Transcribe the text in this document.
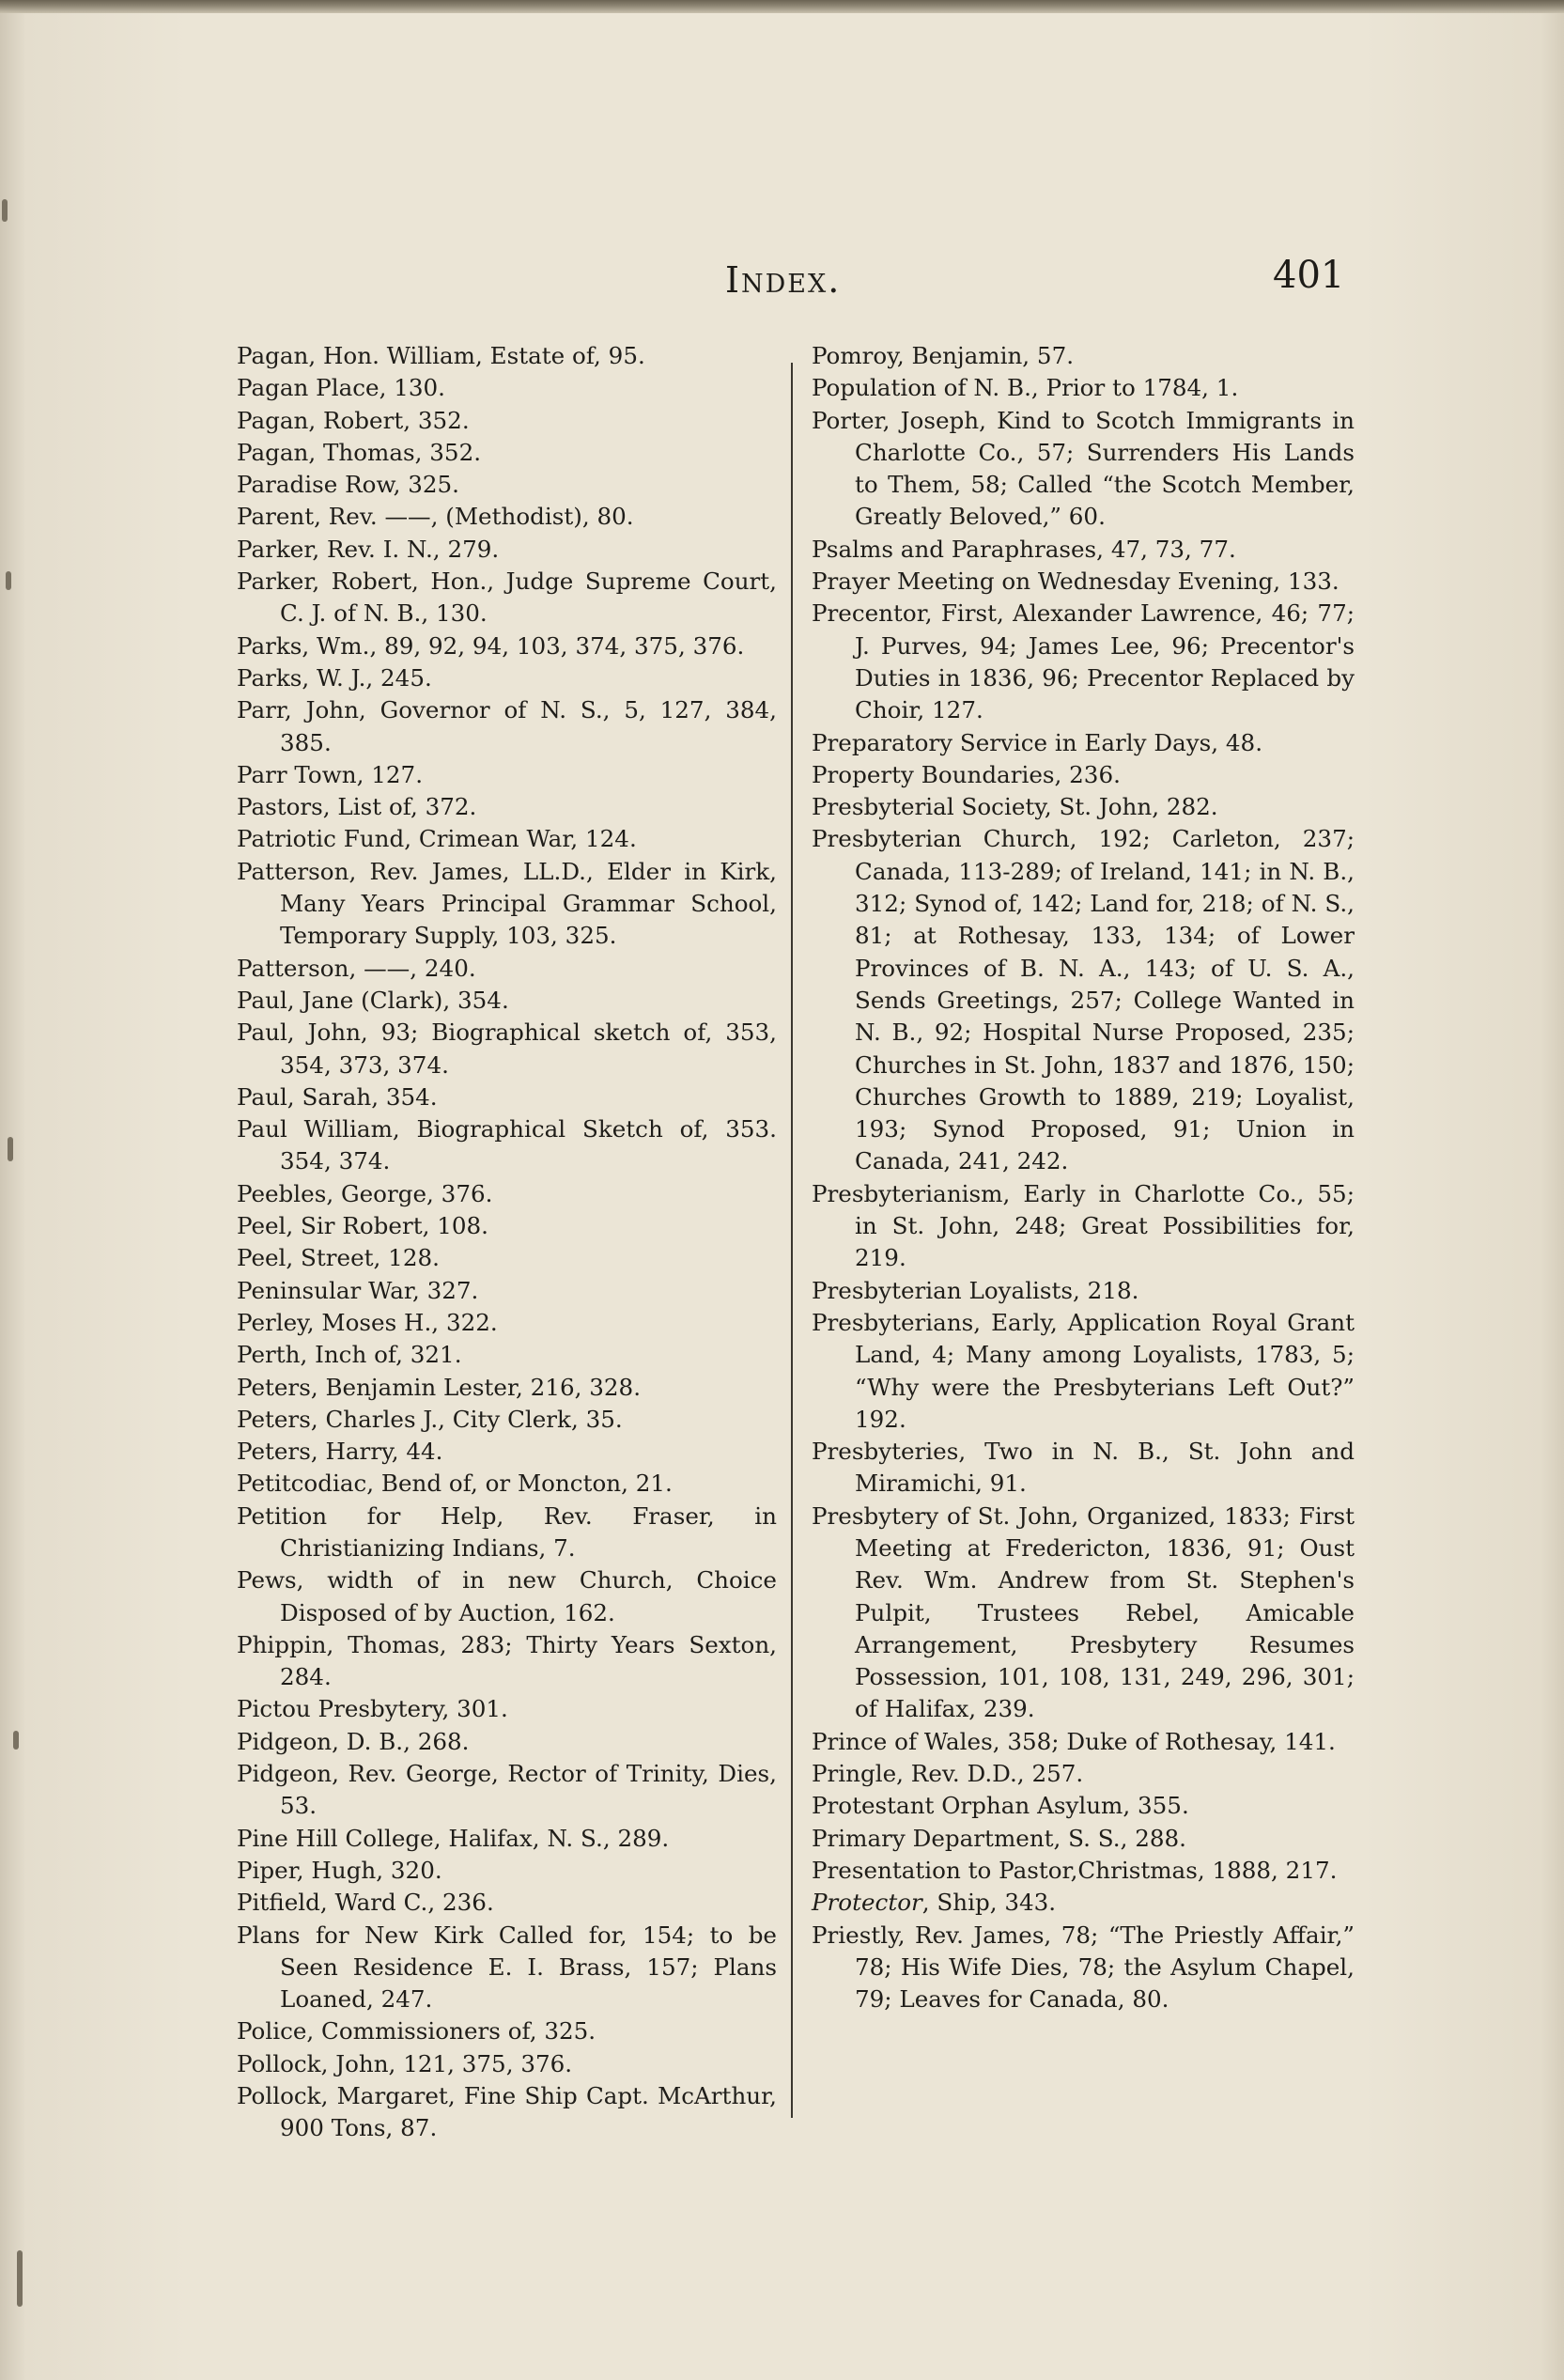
Index.	401
Pagan, Hon. William, Estate of, 95.
Pagan Place, 130.
Pagan, Robert, 352.
Pagan, Thomas, 352.
Paradise Row, 325.
Parent, Rev. ——, (Methodist), 80.
Parker, Rev. I. N., 279.
Parker, Robert, Hon., Judge Supreme Court, C. J. of N. B., 130.
Parks, Wm., 89, 92, 94, 103, 374, 375, 376.
Parks, W. J., 245.
Parr, John, Governor of N. S., 5, 127, 384, 385.
Parr Town, 127.
Pastors, List of, 372.
Patriotic Fund, Crimean War, 124.
Patterson, Rev. James, LL.D., Elder in Kirk, Many Years Principal Grammar School, Temporary Supply, 103, 325.
Patterson, ——, 240.
Paul, Jane (Clark), 354.
Paul, John, 93; Biographical sketch of, 353, 354, 373, 374.
Paul, Sarah, 354.
Paul William, Biographical Sketch of, 353. 354, 374.
Peebles, George, 376.
Peel, Sir Robert, 108.
Peel, Street, 128.
Peninsular War, 327.
Perley, Moses H., 322.
Perth, Inch of, 321.
Peters, Benjamin Lester, 216, 328.
Peters, Charles J., City Clerk, 35.
Peters, Harry, 44.
Petitcodiac, Bend of, or Moncton, 21.
Petition for Help, Rev. Fraser, in Christianizing Indians, 7.
Pews, width of in new Church, Choice Disposed of by Auction, 162.
Phippin, Thomas, 283; Thirty Years Sexton, 284.
Pictou Presbytery, 301.
Pidgeon, D. B., 268.
Pidgeon, Rev. George, Rector of Trinity, Dies, 53.
Pine Hill College, Halifax, N. S., 289.
Piper, Hugh, 320.
Pitfield, Ward C., 236.
Plans for New Kirk Called for, 154; to be Seen Residence E. I. Brass, 157; Plans Loaned, 247.
Police, Commissioners of, 325.
Pollock, John, 121, 375, 376.
Pollock, Margaret, Fine Ship Capt. McArthur, 900 Tons, 87.
Pomroy, Benjamin, 57.
Population of N. B., Prior to 1784, 1.
Porter, Joseph, Kind to Scotch Immigrants in Charlotte Co., 57; Surrenders His Lands to Them, 58; Called “the Scotch Member, Greatly Beloved,” 60.
Psalms and Paraphrases, 47, 73, 77.
Prayer Meeting on Wednesday Evening, 133.
Precentor, First, Alexander Lawrence, 46; 77; J. Purves, 94; James Lee, 96; Precentor's Duties in 1836, 96; Precentor Replaced by Choir, 127.
Preparatory Service in Early Days, 48.
Property Boundaries, 236.
Presbyterial Society, St. John, 282.
Presbyterian Church, 192; Carleton, 237; Canada, 113-289; of Ireland, 141; in N. B., 312; Synod of, 142; Land for, 218; of N. S., 81; at Rothesay, 133, 134; of Lower Provinces of B. N. A., 143; of U. S. A., Sends Greetings, 257; College Wanted in N. B., 92; Hospital Nurse Proposed, 235; Churches in St. John, 1837 and 1876, 150; Churches Growth to 1889, 219; Loyalist, 193; Synod Proposed, 91; Union in Canada, 241, 242.
Presbyterianism, Early in Charlotte Co., 55; in St. John, 248; Great Possibilities for, 219.
Presbyterian Loyalists, 218.
Presbyterians, Early, Application Royal Grant Land, 4; Many among Loyalists, 1783, 5; “Why were the Presbyterians Left Out?” 192.
Presbyteries, Two in N. B., St. John and Miramichi, 91.
Presbytery of St. John, Organized, 1833; First Meeting at Fredericton, 1836, 91; Oust Rev. Wm. Andrew from St. Stephen's Pulpit, Trustees Rebel, Amicable Arrangement, Presbytery Resumes Possession, 101, 108, 131, 249, 296, 301; of Halifax, 239.
Prince of Wales, 358; Duke of Rothesay, 141.
Pringle, Rev. D.D., 257.
Protestant Orphan Asylum, 355.
Primary Department, S. S., 288.
Presentation to Pastor,Christmas, 1888, 217.
Protector, Ship, 343.
Priestly, Rev. James, 78; “The Priestly Affair,” 78; His Wife Dies, 78; the Asylum Chapel, 79; Leaves for Canada, 80.
